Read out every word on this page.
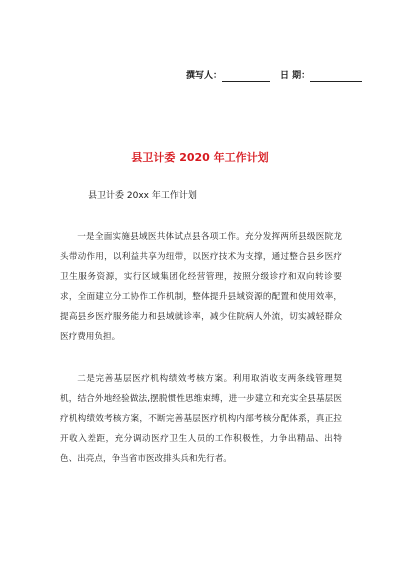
撰写人：	日 期：
县卫计委 2020 年工作计划
县卫计委 20xx 年工作计划

一是全面实施县域医共体试点县各项工作。充分发挥两所县级医院龙头带动作用，以利益共享为纽带，以医疗技术为支撑，通过整合县乡医疗卫生服务资源，实行区域集团化经营管理，按照分级诊疗和双向转诊要求，全面建立分工协作工作机制，整体提升县域资源的配置和使用效率，提高县乡医疗服务能力和县域就诊率，减少住院病人外流，切实减轻群众医疗费用负担。

二是完善基层医疗机构绩效考核方案。利用取消收支两条线管理契机，结合外地经验做法,摆脱惯性思维束缚，进一步建立和充实全县基层医疗机构绩效考核方案，不断完善基层医疗机构内部考核分配体系，真正拉开收入差距，充分调动医疗卫生人员的工作积极性，力争出精品、出特色、出亮点，争当省市医改排头兵和先行者。
